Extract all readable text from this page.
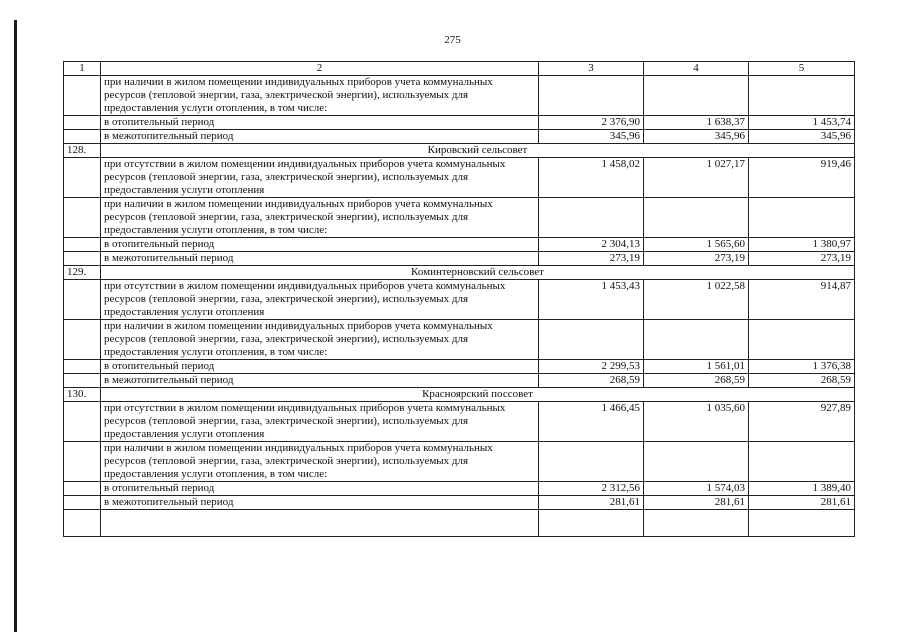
275
1	2	3	4	5
	при наличии в жилом помещении индивидуальных приборов учета коммунальных ресурсов (тепловой энергии, газа, электрической энергии), используемых для предоставления услуги отопления, в том числе:			
	в отопительный период	2 376,90	1 638,37	1 453,74
	в межотопительный период	345,96	345,96	345,96
128.	Кировский сельсовет			
	при отсутствии в жилом помещении индивидуальных приборов учета коммунальных ресурсов (тепловой энергии, газа, электрической энергии), используемых для предоставления услуги отопления	1 458,02	1 027,17	919,46
	при наличии в жилом помещении индивидуальных приборов учета коммунальных ресурсов (тепловой энергии, газа, электрической энергии), используемых для предоставления услуги отопления, в том числе:			
	в отопительный период	2 304,13	1 565,60	1 380,97
	в межотопительный период	273,19	273,19	273,19
129.	Коминтерновский сельсовет			
	при отсутствии в жилом помещении индивидуальных приборов учета коммунальных ресурсов (тепловой энергии, газа, электрической энергии), используемых для предоставления услуги отопления	1 453,43	1 022,58	914,87
	при наличии в жилом помещении индивидуальных приборов учета коммунальных ресурсов (тепловой энергии, газа, электрической энергии), используемых для предоставления услуги отопления, в том числе:			
	в отопительный период	2 299,53	1 561,01	1 376,38
	в межотопительный период	268,59	268,59	268,59
130.	Красноярский поссовет			
	при отсутствии в жилом помещении индивидуальных приборов учета коммунальных ресурсов (тепловой энергии, газа, электрической энергии), используемых для предоставления услуги отопления	1 466,45	1 035,60	927,89
	при наличии в жилом помещении индивидуальных приборов учета коммунальных ресурсов (тепловой энергии, газа, электрической энергии), используемых для предоставления услуги отопления, в том числе:			
	в отопительный период	2 312,56	1 574,03	1 389,40
	в межотопительный период	281,61	281,61	281,61
